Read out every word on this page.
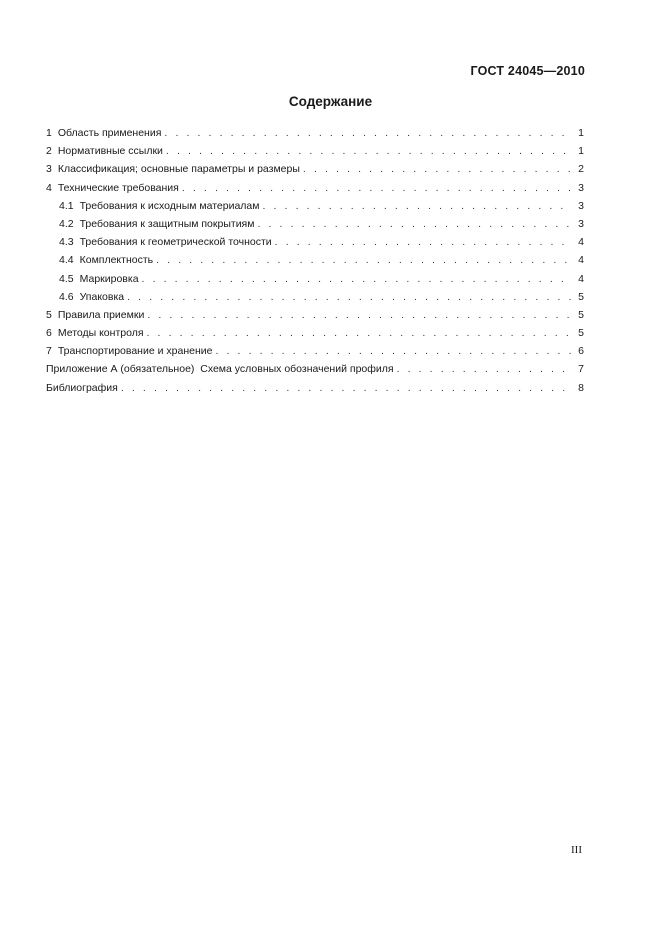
ГОСТ 24045—2010
Содержание
1 Область применения . . .	1
2 Нормативные ссылки . . .	1
3 Классификация; основные параметры и размеры . . .	2
4 Технические требования . . .	3
4.1 Требования к исходным материалам . . .	3
4.2 Требования к защитным покрытиям . . .	3
4.3 Требования к геометрической точности . . .	4
4.4 Комплектность . . .	4
4.5 Маркировка . . .	4
4.6 Упаковка . . .	5
5 Правила приемки . . .	5
6 Методы контроля . . .	5
7 Транспортирование и хранение . . .	6
Приложение А (обязательное)  Схема условных обозначений профиля . . .	7
Библиография . . .	8
III
